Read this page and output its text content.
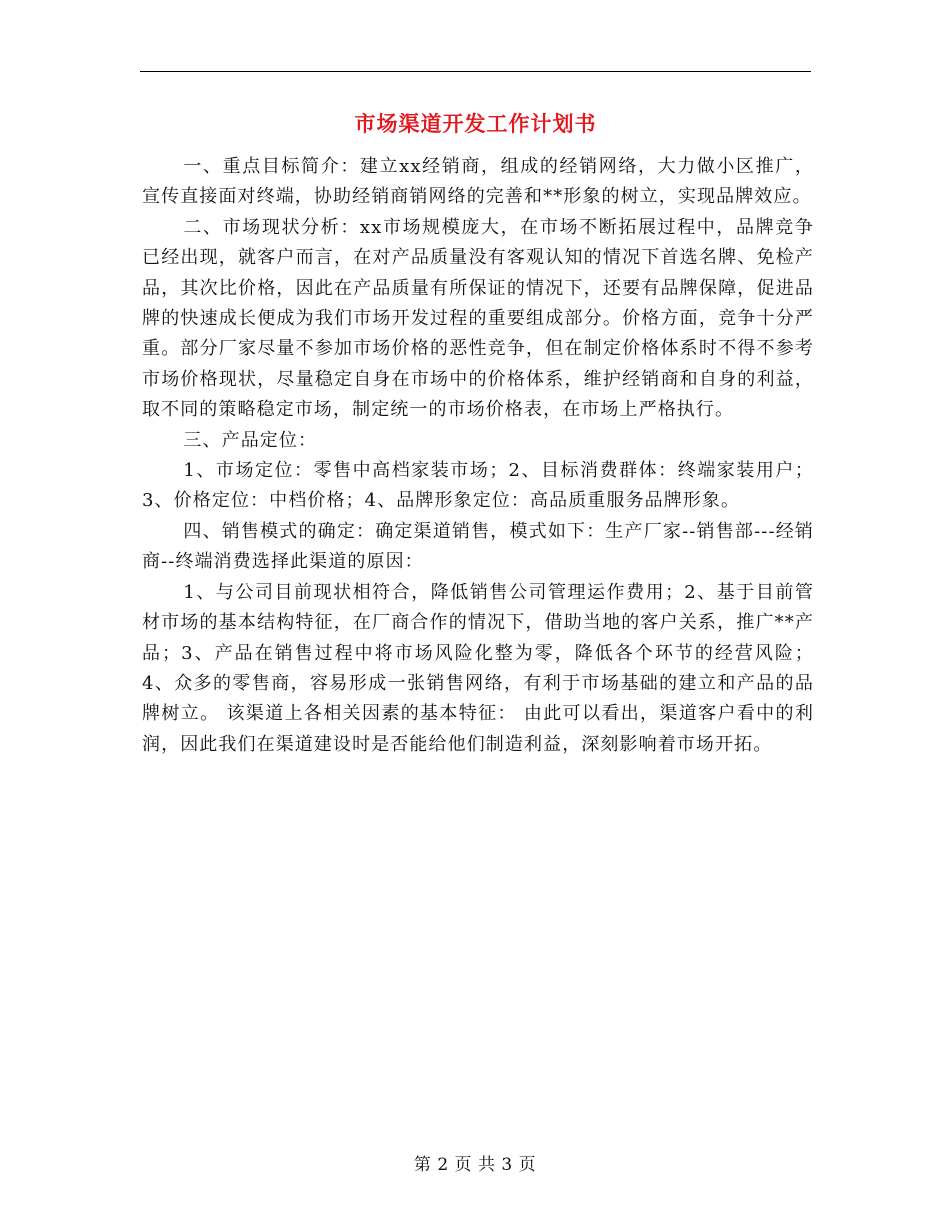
市场渠道开发工作计划书

一、重点目标简介：建立xx经销商，组成的经销网络，大力做小区推广，宣传直接面对终端，协助经销商销网络的完善和**形象的树立，实现品牌效应。

二、市场现状分析：xx市场规模庞大，在市场不断拓展过程中，品牌竞争已经出现，就客户而言，在对产品质量没有客观认知的情况下首选名牌、免检产品，其次比价格，因此在产品质量有所保证的情况下，还要有品牌保障，促进品牌的快速成长便成为我们市场开发过程的重要组成部分。价格方面，竞争十分严重。部分厂家尽量不参加市场价格的恶性竞争，但在制定价格体系时不得不参考市场价格现状，尽量稳定自身在市场中的价格体系，维护经销商和自身的利益，取不同的策略稳定市场，制定统一的市场价格表，在市场上严格执行。

三、产品定位：

1、市场定位：零售中高档家装市场；2、目标消费群体：终端家装用户；3、价格定位：中档价格；4、品牌形象定位：高品质重服务品牌形象。

四、销售模式的确定：确定渠道销售，模式如下：生产厂家--销售部---经销商--终端消费选择此渠道的原因：

1、与公司目前现状相符合，降低销售公司管理运作费用；2、基于目前管材市场的基本结构特征，在厂商合作的情况下，借助当地的客户关系，推广**产品；3、产品在销售过程中将市场风险化整为零，降低各个环节的经营风险；4、众多的零售商，容易形成一张销售网络，有利于市场基础的建立和产品的品牌树立。 该渠道上各相关因素的基本特征： 由此可以看出，渠道客户看中的利润，因此我们在渠道建设时是否能给他们制造利益，深刻影响着市场开拓。

第 2 页 共 3 页
